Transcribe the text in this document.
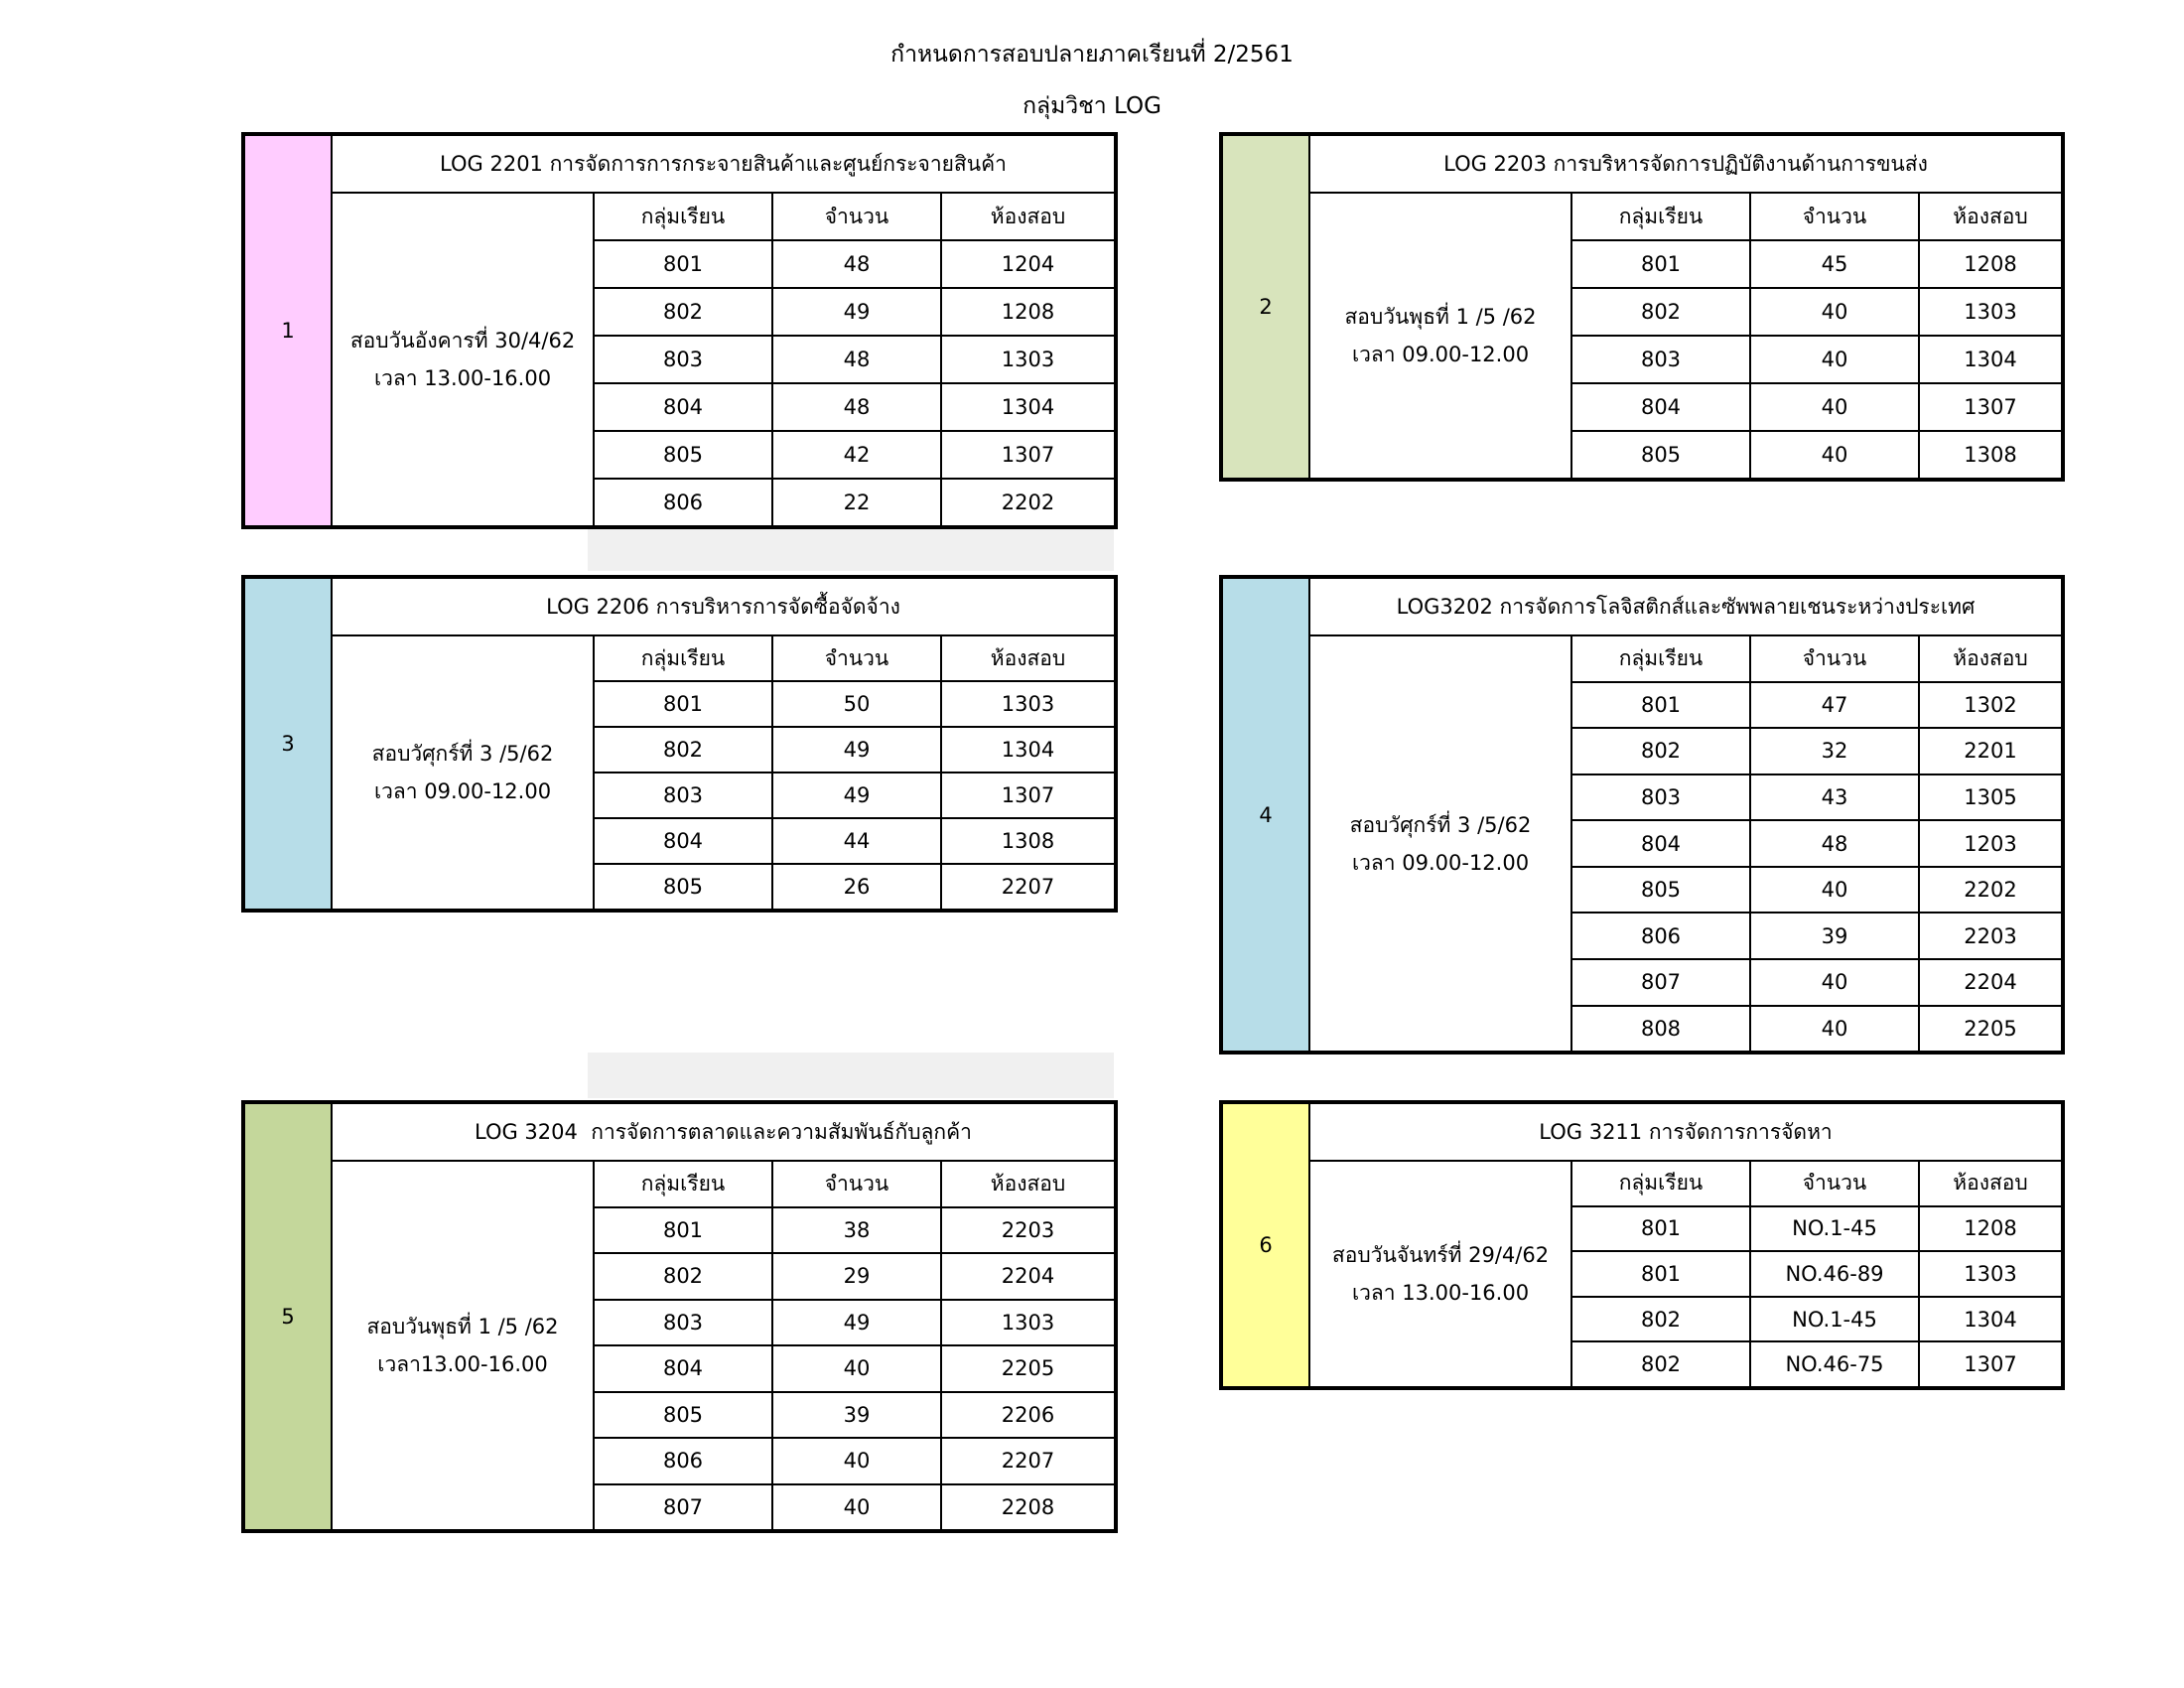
กำหนดการสอบปลายภาคเรียนที่ 2/2561
กลุ่มวิชา LOG
1
LOG 2201 การจัดการการกระจายสินค้าและศูนย์กระจายสินค้า
สอบวันอังคารที่ 30/4/62
เวลา 13.00-16.00
กลุ่มเรียน	จำนวน	ห้องสอบ
801	48	1204
802	49	1208
803	48	1303
804	48	1304
805	42	1307
806	22	2202
2
LOG 2203 การบริหารจัดการปฏิบัติงานด้านการขนส่ง
สอบวันพุธที่ 1 /5 /62
เวลา 09.00-12.00
กลุ่มเรียน	จำนวน	ห้องสอบ
801	45	1208
802	40	1303
803	40	1304
804	40	1307
805	40	1308
3
LOG 2206 การบริหารการจัดซื้อจัดจ้าง
สอบวัศุกร์ที่ 3 /5/62
เวลา 09.00-12.00
กลุ่มเรียน	จำนวน	ห้องสอบ
801	50	1303
802	49	1304
803	49	1307
804	44	1308
805	26	2207
4
LOG3202 การจัดการโลจิสติกส์และซัพพลายเชนระหว่างประเทศ
สอบวัศุกร์ที่ 3 /5/62
เวลา 09.00-12.00
กลุ่มเรียน	จำนวน	ห้องสอบ
801	47	1302
802	32	2201
803	43	1305
804	48	1203
805	40	2202
806	39	2203
807	40	2204
808	40	2205
5
LOG 3204  การจัดการตลาดและความสัมพันธ์กับลูกค้า
สอบวันพุธที่ 1 /5 /62
เวลา13.00-16.00
กลุ่มเรียน	จำนวน	ห้องสอบ
801	38	2203
802	29	2204
803	49	1303
804	40	2205
805	39	2206
806	40	2207
807	40	2208
6
LOG 3211 การจัดการการจัดหา
สอบวันจันทร์ที่ 29/4/62
เวลา 13.00-16.00
กลุ่มเรียน	จำนวน	ห้องสอบ
801	NO.1-45	1208
801	NO.46-89	1303
802	NO.1-45	1304
802	NO.46-75	1307
